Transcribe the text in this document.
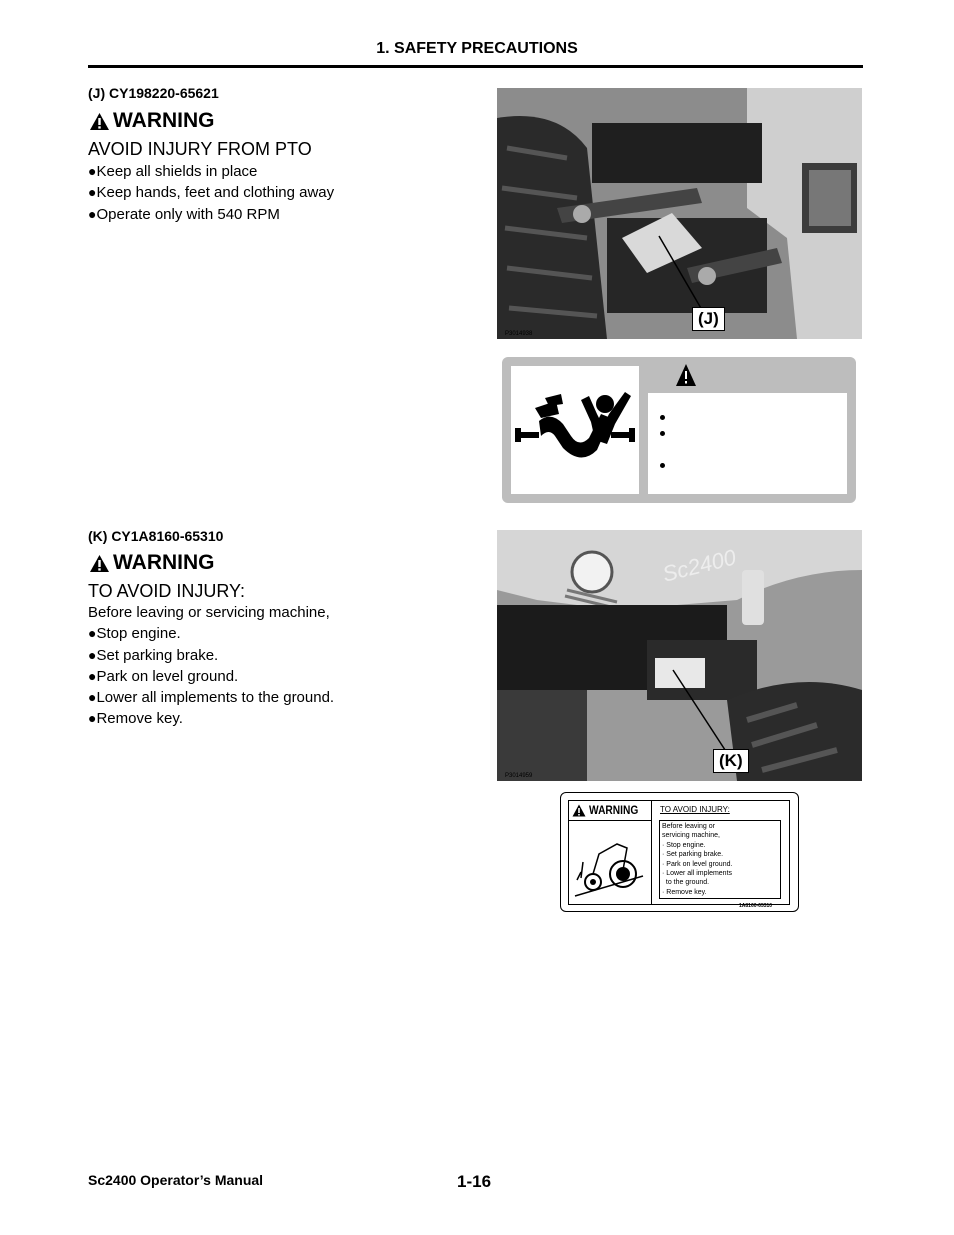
1. SAFETY PRECAUTIONS
(J) CY198220-65621
WARNING
AVOID INJURY FROM PTO
●Keep all shields in place
●Keep hands, feet and clothing away
●Operate only with 540 RPM
(J)
P3014938
(K) CY1A8160-65310
WARNING
TO AVOID INJURY:
Before leaving or servicing machine,
●Stop engine.
●Set parking brake.
●Park on level ground.
●Lower all implements to the ground.
●Remove key.
Sc2400
(K)
P3014959
WARNING	TO AVOID INJURY:
Before leaving or
servicing machine,
· Stop engine.
· Set parking brake.
· Park on level ground.
· Lower all implements
to the ground.
· Remove key.
1A8160-65310
Sc2400 Operator’s Manual	1-16
